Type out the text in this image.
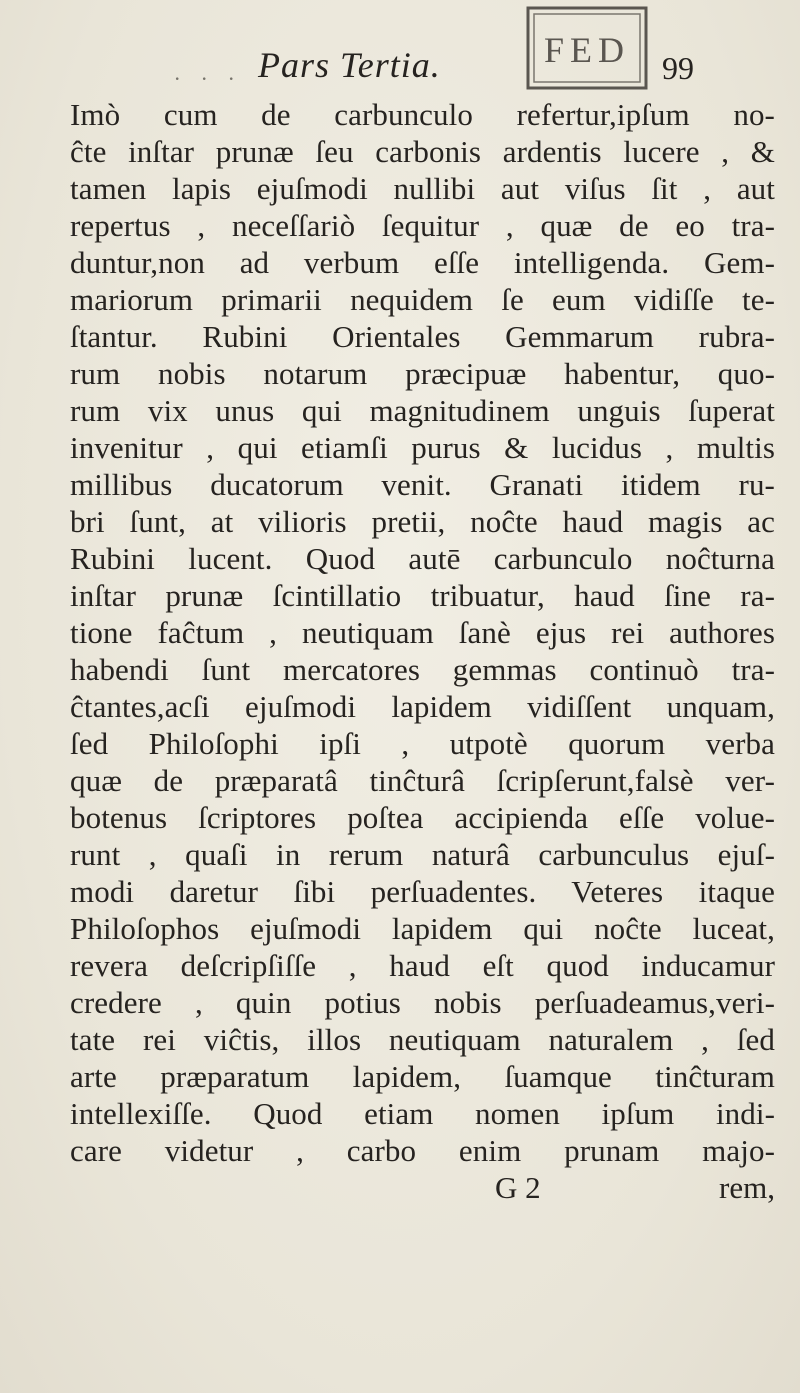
. . . Pars Tertia.	FED 99
Imò cum de carbunculo refertur,ipſum no-
ĉte inſtar prunæ ſeu carbonis ardentis lucere , &
tamen lapis ejuſmodi nullibi aut viſus ſit , aut
repertus , neceſſariò ſequitur , quæ de eo tra-
duntur,non ad verbum eſſe intelligenda. Gem-
mariorum primarii nequidem ſe eum vidiſſe te-
ſtantur. Rubini Orientales Gemmarum rubra-
rum nobis notarum præcipuæ habentur, quo-
rum vix unus qui magnitudinem unguis ſuperat
invenitur , qui etiamſi purus & lucidus , multis
millibus ducatorum venit. Granati itidem ru-
bri ſunt, at vilioris pretii, noĉte haud magis ac
Rubini lucent. Quod autē carbunculo noĉturna
inſtar prunæ ſcintillatio tribuatur, haud ſine ra-
tione faĉtum , neutiquam ſanè ejus rei authores
habendi ſunt mercatores gemmas continuò tra-
ĉtantes,acſi ejuſmodi lapidem vidiſſent unquam,
ſed Philoſophi ipſi , utpotè quorum verba
quæ de præparatâ tinĉturâ ſcripſerunt,falsè ver-
botenus ſcriptores poſtea accipienda eſſe volue-
runt , quaſi in rerum naturâ carbunculus ejuſ-
modi daretur ſibi perſuadentes. Veteres itaque
Philoſophos ejuſmodi lapidem qui noĉte luceat,
revera deſcripſiſſe , haud eſt quod inducamur
credere , quin potius nobis perſuadeamus,veri-
tate rei viĉtis, illos neutiquam naturalem , ſed
arte præparatum lapidem, ſuamque tinĉturam
intellexiſſe. Quod etiam nomen ipſum indi-
care videtur , carbo enim prunam majo-
G 2	rem,
